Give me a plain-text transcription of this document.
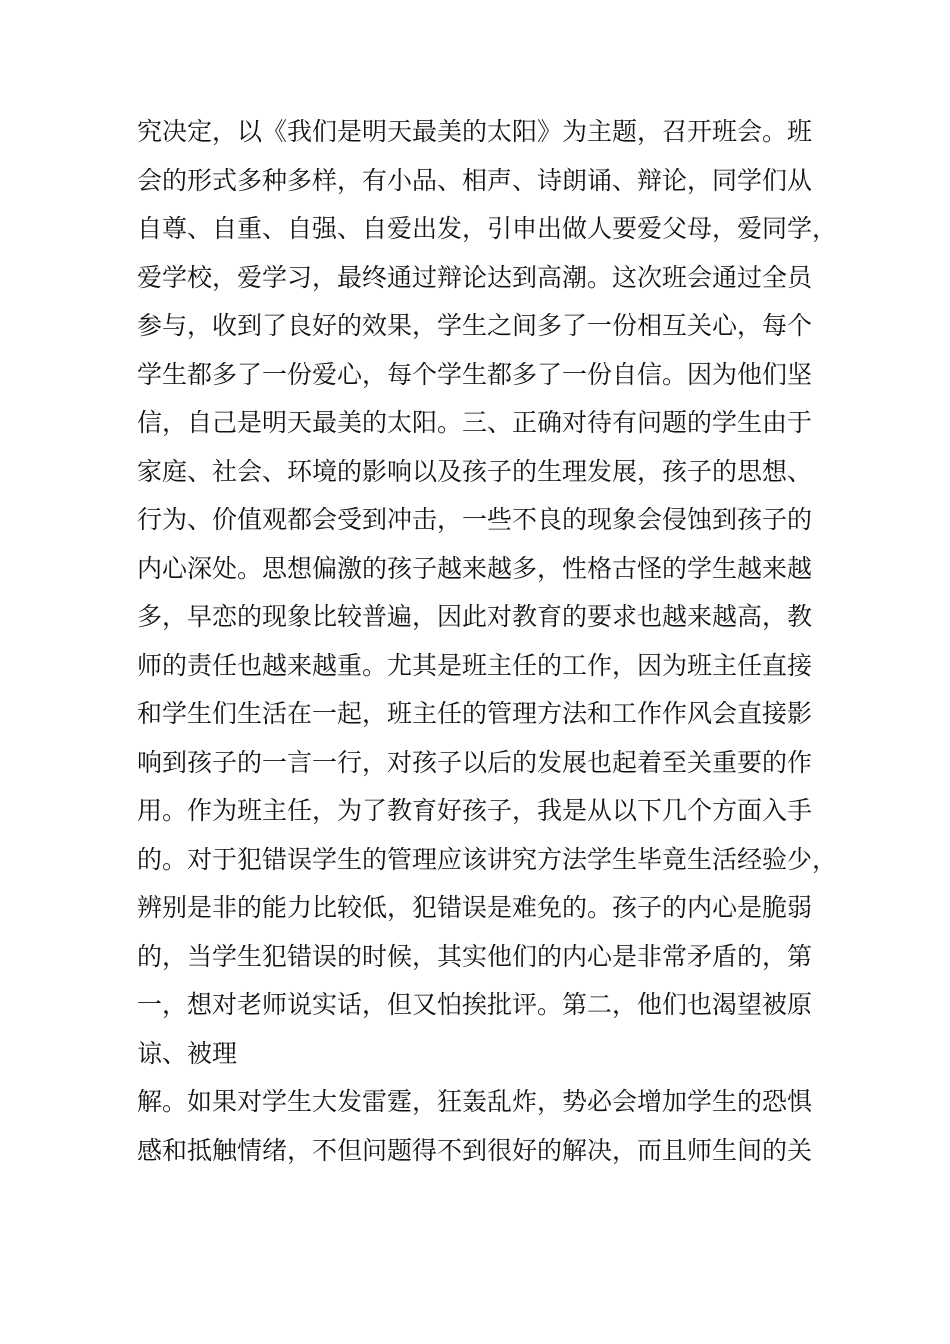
究决定，以《我们是明天最美的太阳》为主题，召开班会。班
会的形式多种多样，有小品、相声、诗朗诵、辩论，同学们从
自尊、自重、自强、自爱出发，引申出做人要爱父母，爱同学，
爱学校，爱学习，最终通过辩论达到高潮。这次班会通过全员
参与，收到了良好的效果，学生之间多了一份相互关心，每个
学生都多了一份爱心，每个学生都多了一份自信。因为他们坚
信，自己是明天最美的太阳。三、正确对待有问题的学生由于
家庭、社会、环境的影响以及孩子的生理发展，孩子的思想、
行为、价值观都会受到冲击，一些不良的现象会侵蚀到孩子的
内心深处。思想偏激的孩子越来越多，性格古怪的学生越来越
多，早恋的现象比较普遍，因此对教育的要求也越来越高，教
师的责任也越来越重。尤其是班主任的工作，因为班主任直接
和学生们生活在一起，班主任的管理方法和工作作风会直接影
响到孩子的一言一行，对孩子以后的发展也起着至关重要的作
用。作为班主任，为了教育好孩子，我是从以下几个方面入手
的。对于犯错误学生的管理应该讲究方法学生毕竟生活经验少，
辨别是非的能力比较低，犯错误是难免的。孩子的内心是脆弱
的，当学生犯错误的时候，其实他们的内心是非常矛盾的，第
一，想对老师说实话，但又怕挨批评。第二，他们也渴望被原
谅、被理
解。如果对学生大发雷霆，狂轰乱炸，势必会增加学生的恐惧
感和抵触情绪，不但问题得不到很好的解决，而且师生间的关
